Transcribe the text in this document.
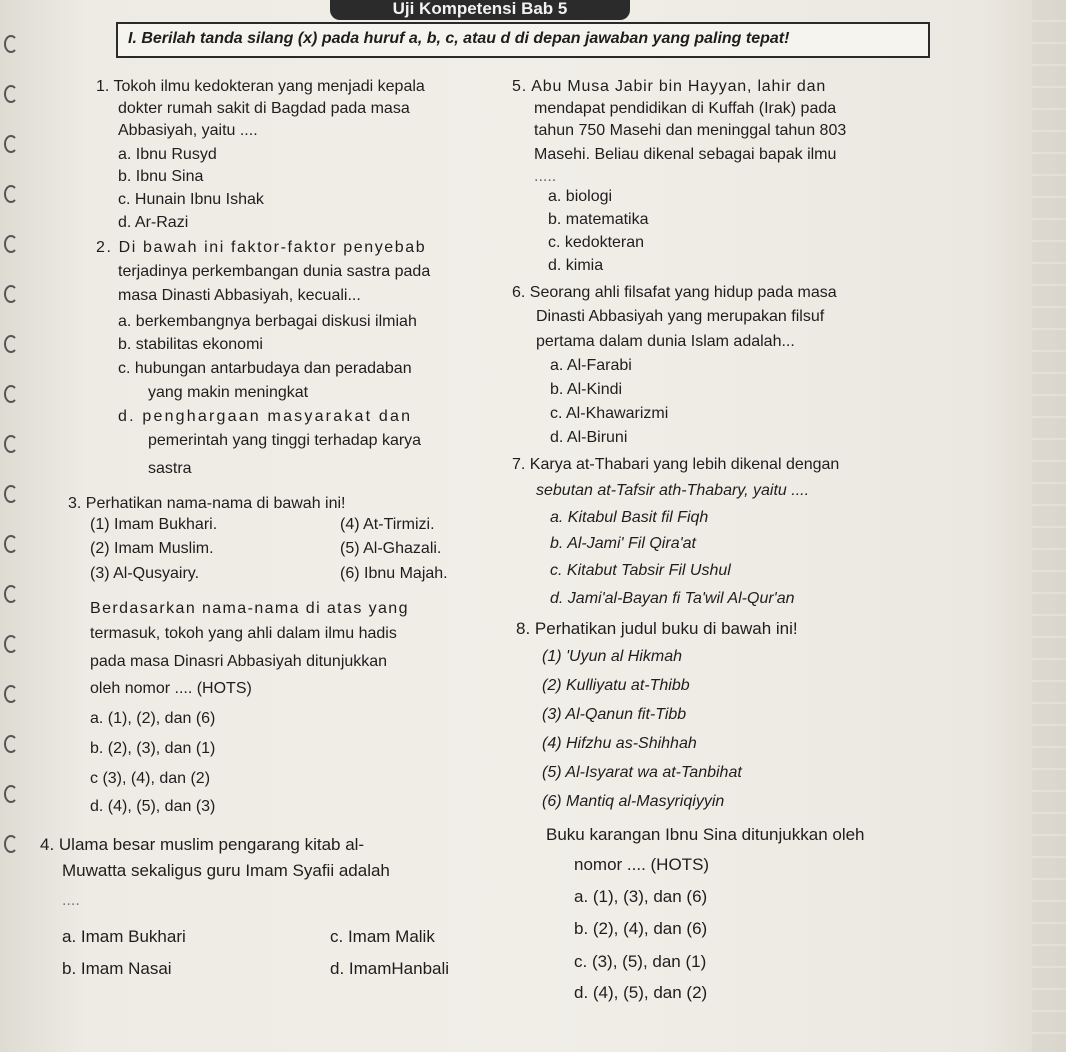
Uji Kompetensi Bab 5
I. Berilah tanda silang (x) pada huruf a, b, c, atau d di depan jawaban yang paling tepat!
1. Tokoh ilmu kedokteran yang menjadi kepala
dokter rumah sakit di Bagdad pada masa
Abbasiyah, yaitu ....
a. Ibnu Rusyd
b. Ibnu Sina
c. Hunain Ibnu Ishak
d. Ar-Razi
2. Di bawah ini faktor-faktor penyebab
terjadinya perkembangan dunia sastra pada
masa Dinasti Abbasiyah, kecuali...
a. berkembangnya berbagai diskusi ilmiah
b. stabilitas ekonomi
c. hubungan antarbudaya dan peradaban
yang makin meningkat
d. penghargaan masyarakat dan
pemerintah yang tinggi terhadap karya
sastra
3. Perhatikan nama-nama di bawah ini!
(1) Imam Bukhari.	(4) At-Tirmizi.
(2) Imam Muslim.	(5) Al-Ghazali.
(3) Al-Qusyairy.	(6) Ibnu Majah.
Berdasarkan nama-nama di atas yang
termasuk, tokoh yang ahli dalam ilmu hadis
pada masa Dinasri Abbasiyah ditunjukkan
oleh nomor .... (HOTS)
a. (1), (2), dan (6)
b. (2), (3), dan (1)
c (3), (4), dan (2)
d. (4), (5), dan (3)
4. Ulama besar muslim pengarang kitab al-
Muwatta sekaligus guru Imam Syafii adalah
....
a. Imam Bukhari	c. Imam Malik
b. Imam Nasai	d. ImamHanbali
5. Abu Musa Jabir bin Hayyan, lahir dan
mendapat pendidikan di Kuffah (Irak) pada
tahun 750 Masehi dan meninggal tahun 803
Masehi. Beliau dikenal sebagai bapak ilmu
.....
a. biologi
b. matematika
c. kedokteran
d. kimia
6. Seorang ahli filsafat yang hidup pada masa
Dinasti Abbasiyah yang merupakan filsuf
pertama dalam dunia Islam adalah...
a. Al-Farabi
b. Al-Kindi
c. Al-Khawarizmi
d. Al-Biruni
7. Karya at-Thabari yang lebih dikenal dengan
sebutan at-Tafsir ath-Thabary, yaitu ....
a. Kitabul Basit fil Fiqh
b. Al-Jami' Fil Qira'at
c. Kitabut Tabsir Fil Ushul
d. Jami'al-Bayan fi Ta'wil Al-Qur'an
8. Perhatikan judul buku di bawah ini!
(1) 'Uyun al Hikmah
(2) Kulliyatu at-Thibb
(3) Al-Qanun fit-Tibb
(4) Hifzhu as-Shihhah
(5) Al-Isyarat wa at-Tanbihat
(6) Mantiq al-Masyriqiyyin
Buku karangan Ibnu Sina ditunjukkan oleh
nomor .... (HOTS)
a. (1), (3), dan (6)
b. (2), (4), dan (6)
c. (3), (5), dan (1)
d. (4), (5), dan (2)
